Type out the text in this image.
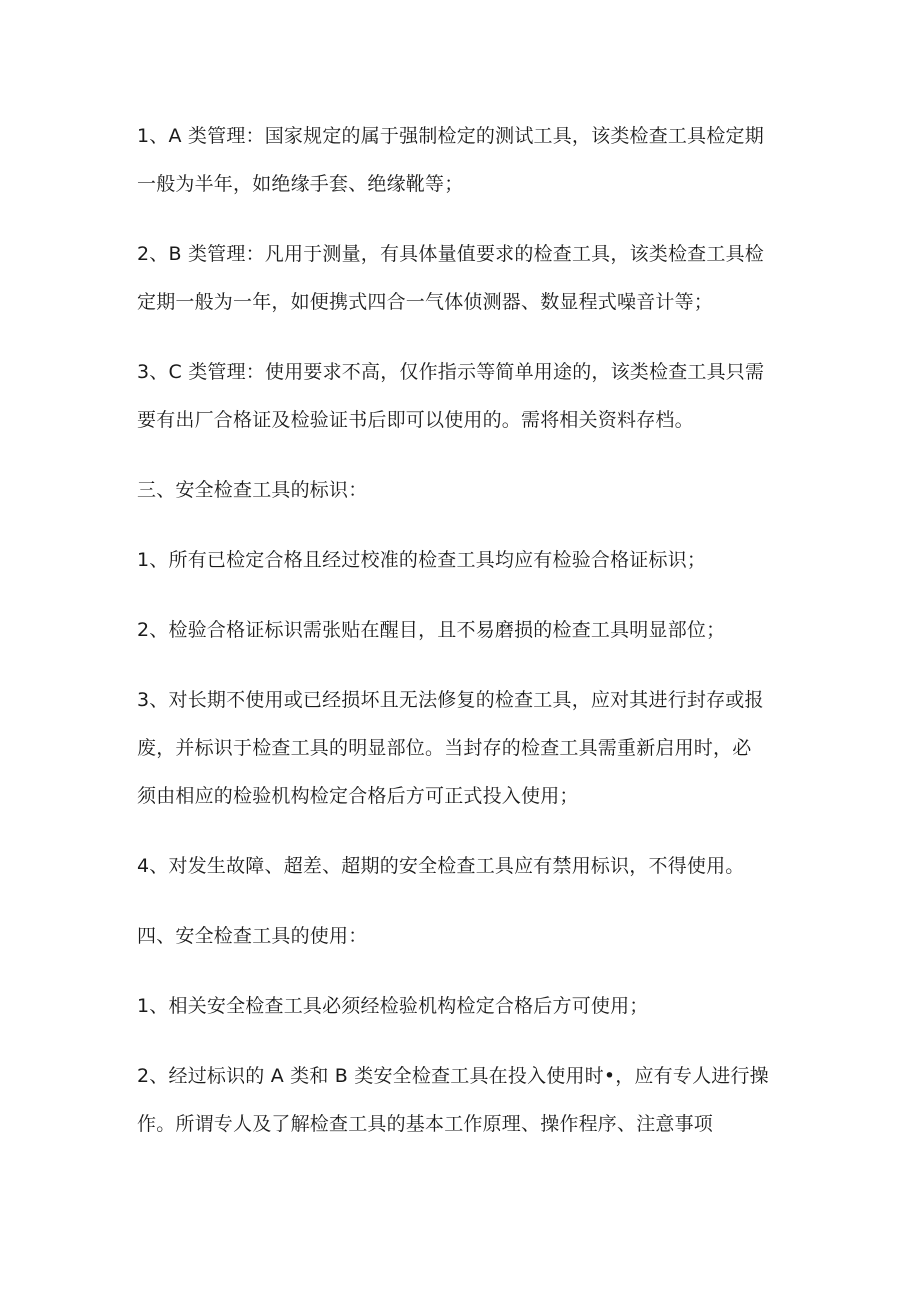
1、A 类管理：国家规定的属于强制检定的测试工具，该类检查工具检定期
一般为半年，如绝缘手套、绝缘靴等；
2、B 类管理：凡用于测量，有具体量值要求的检查工具，该类检查工具检
定期一般为一年，如便携式四合一气体侦测器、数显程式噪音计等；
3、C 类管理：使用要求不高，仅作指示等简单用途的，该类检查工具只需
要有出厂合格证及检验证书后即可以使用的。需将相关资料存档。
三、安全检查工具的标识：
1、所有已检定合格且经过校准的检查工具均应有检验合格证标识；
2、检验合格证标识需张贴在醒目，且不易磨损的检查工具明显部位；
3、对长期不使用或已经损坏且无法修复的检查工具，应对其进行封存或报
废，并标识于检查工具的明显部位。当封存的检查工具需重新启用时，必
须由相应的检验机构检定合格后方可正式投入使用；
4、对发生故障、超差、超期的安全检查工具应有禁用标识，不得使用。
四、安全检查工具的使用：
1、相关安全检查工具必须经检验机构检定合格后方可使用；
2、经过标识的 A 类和 B 类安全检查工具在投入使用时•，应有专人进行操
作。所谓专人及了解检查工具的基本工作原理、操作程序、注意事项
